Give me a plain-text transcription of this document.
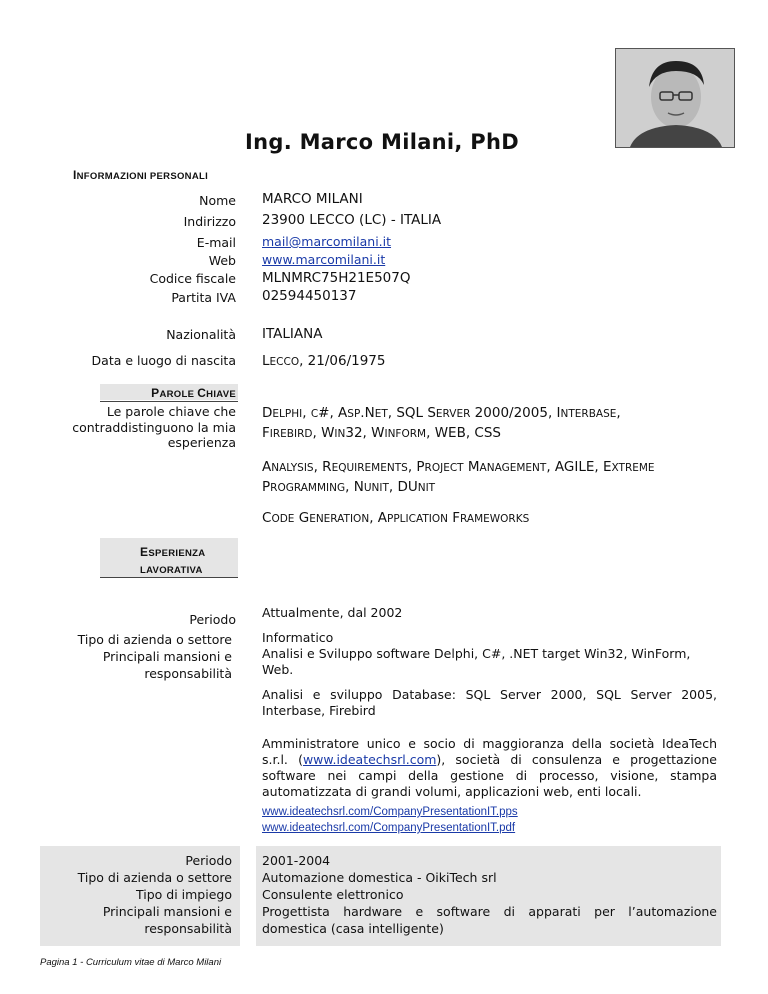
Ing. Marco Milani, PhD
INFORMAZIONI PERSONALI
Nome MARCO MILANI
Indirizzo 23900 LECCO (LC) - ITALIA
E-mail mail@marcomilani.it
Web www.marcomilani.it
Codice fiscale MLNMRC75H21E507Q
Partita IVA 02594450137
Nazionalità ITALIANA
Data e luogo di nascita LECCO, 21/06/1975
PAROLE CHIAVE
Le parole chiave che contraddistinguono la mia esperienza
DELPHI, C#, ASP.NET, SQL SERVER 2000/2005, INTERBASE,
FIREBIRD, WIN32, WINFORM, WEB, CSS
ANALYSIS, REQUIREMENTS, PROJECT MANAGEMENT, AGILE, EXTREME
PROGRAMMING, NUNIT, DUNIT
CODE GENERATION, APPLICATION FRAMEWORKS
ESPERIENZA
LAVORATIVA
Periodo Attualmente, dal 2002
Tipo di azienda o settore
Principali mansioni e responsabilità
Informatico
Analisi e Sviluppo software Delphi, C#, .NET target Win32, WinForm, Web.
Analisi e sviluppo Database: SQL Server 2000, SQL Server 2005, Interbase, Firebird
Amministratore unico e socio di maggioranza della società IdeaTech s.r.l. (www.ideatechsrl.com), società di consulenza e progettazione software nei campi della gestione di processo, visione, stampa automatizzata di grandi volumi, applicazioni web, enti locali.
www.ideatechsrl.com/CompanyPresentationIT.pps
www.ideatechsrl.com/CompanyPresentationIT.pdf
Periodo
Tipo di azienda o settore
Tipo di impiego
Principali mansioni e responsabilità
2001-2004
Automazione domestica - OikiTech srl
Consulente elettronico
Progettista hardware e software di apparati per l’automazione domestica (casa intelligente)
Pagina 1 - Curriculum vitae di Marco Milani
